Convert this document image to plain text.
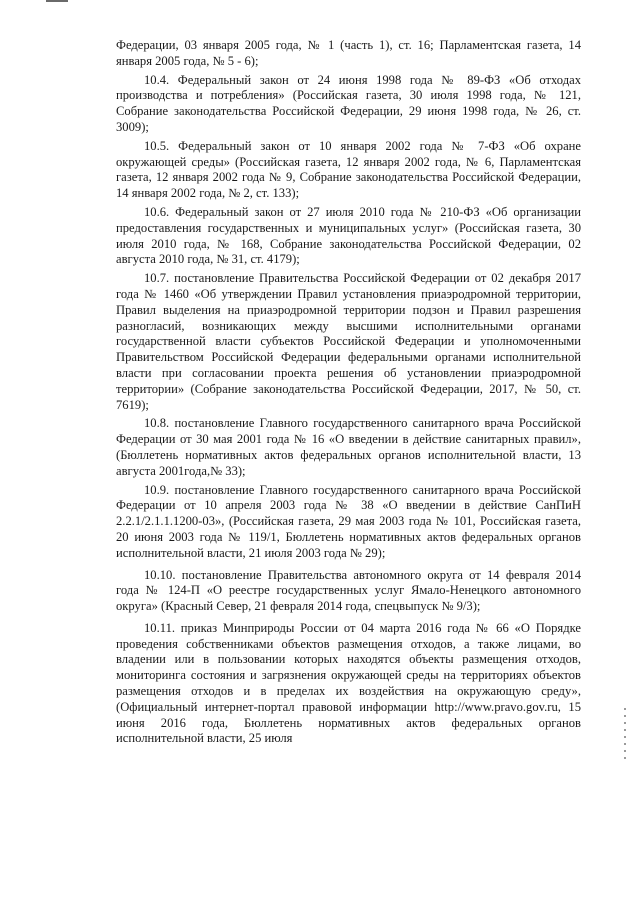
Федерации, 03 января 2005 года, № 1 (часть 1), ст. 16; Парламентская газета, 14 января 2005 года, № 5 - 6);

10.4. Федеральный закон от 24 июня 1998 года № 89-ФЗ «Об отходах производства и потребления» (Российская газета, 30 июля 1998 года, № 121, Собрание законодательства Российской Федерации, 29 июня 1998 года, № 26, ст. 3009);

10.5. Федеральный закон от 10 января 2002 года № 7-ФЗ «Об охране окружающей среды» (Российская газета, 12 января 2002 года, № 6, Парламентская газета, 12 января 2002 года № 9, Собрание законодательства Российской Федерации, 14 января 2002 года, № 2, ст. 133);

10.6. Федеральный закон от 27 июля 2010 года № 210-ФЗ «Об организации предоставления государственных и муниципальных услуг» (Российская газета, 30 июля 2010 года, № 168, Собрание законодательства Российской Федерации, 02 августа 2010 года, № 31, ст. 4179);

10.7. постановление Правительства Российской Федерации от 02 декабря 2017 года № 1460 «Об утверждении Правил установления приаэродромной территории, Правил выделения на приаэродромной территории подзон и Правил разрешения разногласий, возникающих между высшими исполнительными органами государственной власти субъектов Российской Федерации и уполномоченными Правительством Российской Федерации федеральными органами исполнительной власти при согласовании проекта решения об установлении приаэродромной территории» (Собрание законодательства Российской Федерации, 2017, № 50, ст. 7619);

10.8. постановление Главного государственного санитарного врача Российской Федерации от 30 мая 2001 года № 16 «О введении в действие санитарных правил», (Бюллетень нормативных актов федеральных органов исполнительной власти, 13 августа 2001года,№ 33);

10.9. постановление Главного государственного санитарного врача Российской Федерации от 10 апреля 2003 года № 38 «О введении в действие СанПиН 2.2.1/2.1.1.1200-03», (Российская газета, 29 мая 2003 года № 101, Российская газета, 20 июня 2003 года № 119/1, Бюллетень нормативных актов федеральных органов исполнительной власти, 21 июля 2003 года № 29);

10.10. постановление Правительства автономного округа от 14 февраля 2014 года № 124-П «О реестре государственных услуг Ямало-Ненецкого автономного округа» (Красный Север, 21 февраля 2014 года, спецвыпуск № 9/3);

10.11. приказ Минприроды России от 04 марта 2016 года № 66 «О Порядке проведения собственниками объектов размещения отходов, а также лицами, во владении или в пользовании которых находятся объекты размещения отходов, мониторинга состояния и загрязнения окружающей среды на территориях объектов размещения отходов и в пределах их воздействия на окружающую среду», (Официальный интернет-портал правовой информации http://www.pravo.gov.ru, 15 июня 2016 года, Бюллетень нормативных актов федеральных органов исполнительной власти, 25 июля
